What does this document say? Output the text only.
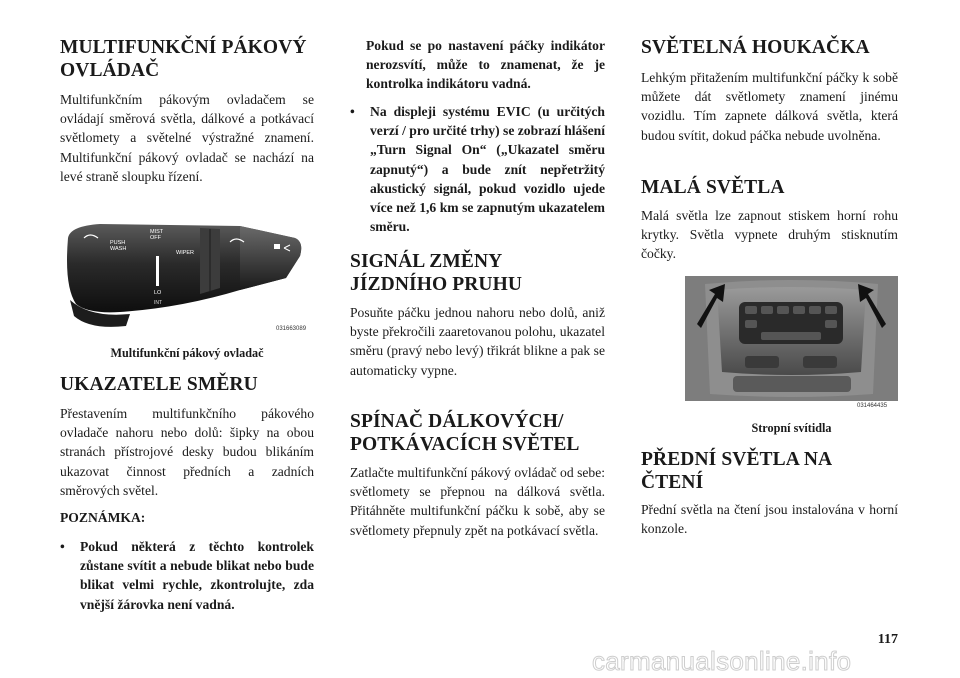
MULTIFUNKČNÍ PÁKOVÝ OVLÁDAČ

Multifunkčním pákovým ovladačem se ovládají směrová světla, dálkové a potkávací světlomety a světelné výstražné znamení. Multifunkční pákový ovladač se nachází na levé straně sloupku řízení.

MIST
OFF
PUSH
WASH
WIPER
LO
INT
031663089
Multifunkční pákový ovladač
UKAZATELE SMĚRU

Přestavením multifunkčního pákového ovladače nahoru nebo dolů: šipky na obou stranách přístrojové desky budou blikáním ukazovat činnost předních a zadních směrových světel.

POZNÁMKA:

• Pokud některá z těchto kontrolek zůstane svítit a nebude blikat nebo bude blikat velmi rychle, zkontrolujte, zda vnější žárovka není vadná.

Pokud se po nastavení páčky indikátor nerozsvítí, může to znamenat, že je kontrolka indikátoru vadná.

• Na displeji systému EVIC (u určitých verzí / pro určité trhy) se zobrazí hlášení „Turn Signal On“ („Ukazatel směru zapnutý“) a bude znít nepřetržitý akustický signál, pokud vozidlo ujede více než 1,6 km se zapnutým ukazatelem směru.
SIGNÁL ZMĚNY JÍZDNÍHO PRUHU

Posuňte páčku jednou nahoru nebo dolů, aniž byste překročili zaaretovanou polohu, ukazatel směru (pravý nebo levý) třikrát blikne a pak se automaticky vypne.

SPÍNAČ DÁLKOVÝCH/ POTKÁVACÍCH SVĚTEL

Zatlačte multifunkční pákový ovládač od sebe: světlomety se přepnou na dálková světla. Přitáhněte multifunkční páčku k sobě, aby se světlomety přepnuly zpět na potkávací světla.

SVĚTELNÁ HOUKAČKA

Lehkým přitažením multifunkční páčky k sobě můžete dát světlomety znamení jinému vozidlu. Tím zapnete dálková světla, která budou svítit, dokud páčka nebude uvolněna.

MALÁ SVĚTLA

Malá světla lze zapnout stiskem horní rohu krytky. Světla vypnete druhým stisknutím čočky.

031464435
Stropní svítidla
PŘEDNÍ SVĚTLA NA ČTENÍ

Přední světla na čtení jsou instalována v horní konzole.

117
carmanualsonline.info
